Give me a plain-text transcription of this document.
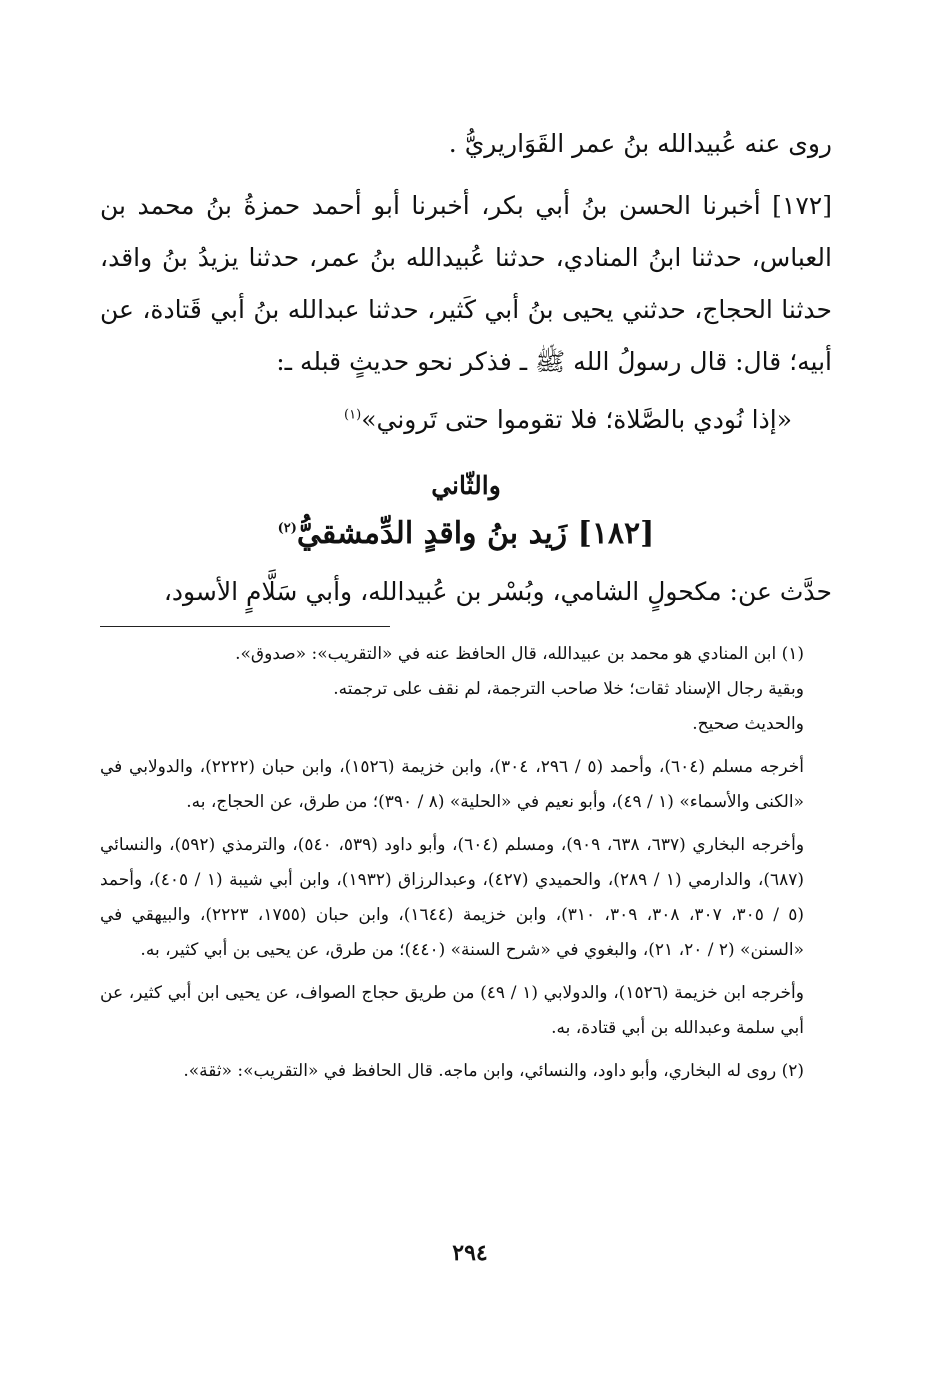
روى عنه عُبيدالله بنُ عمر القَوَاريريُّ .

[١٧٢] أخبرنا الحسن بنُ أبي بكر، أخبرنا أبو أحمد حمزةُ بنُ محمد بن العباس، حدثنا ابنُ المنادي، حدثنا عُبيدالله بنُ عمر، حدثنا يزيدُ بنُ واقد، حدثنا الحجاج، حدثني يحيى بنُ أبي كَثير، حدثنا عبدالله بنُ أبي قَتادة، عن أبيه؛ قال: قال رسولُ الله ﷺ ـ فذكر نحو حديثٍ قبله ـ:

«إذا نُودي بالصَّلاة؛ فلا تقوموا حتى تَروني»$^{(١)}$

والثّاني
[١٨٢] زَيد بنُ واقدٍ الدِّمشقيُّ$^{(٢)}$

حدَّث عن: مكحولٍ الشامي، وبُسْر بن عُبيدالله، وأبي سَلَّامٍ الأسود،

(١) ابن المنادي هو محمد بن عبيدالله، قال الحافظ عنه في «التقريب»: «صدوق».

وبقية رجال الإسناد ثقات؛ خلا صاحب الترجمة، لم نقف على ترجمته.

والحديث صحيح.

أخرجه مسلم (٦٠٤)، وأحمد (٥ / ٢٩٦، ٣٠٤)، وابن خزيمة (١٥٢٦)، وابن حبان (٢٢٢٢)، والدولابي في «الكنى والأسماء» (١ / ٤٩)، وأبو نعيم في «الحلية» (٨ / ٣٩٠)؛ من طرق، عن الحجاج، به.

وأخرجه البخاري (٦٣٧، ٦٣٨، ٩٠٩)، ومسلم (٦٠٤)، وأبو داود (٥٣٩، ٥٤٠)، والترمذي (٥٩٢)، والنسائي (٦٨٧)، والدارمي (١ / ٢٨٩)، والحميدي (٤٢٧)، وعبدالرزاق (١٩٣٢)، وابن أبي شيبة (١ / ٤٠٥)، وأحمد (٥ / ٣٠٥، ٣٠٧، ٣٠٨، ٣٠٩، ٣١٠)، وابن خزيمة (١٦٤٤)، وابن حبان (١٧٥٥، ٢٢٢٣)، والبيهقي في «السنن» (٢ / ٢٠، ٢١)، والبغوي في «شرح السنة» (٤٤٠)؛ من طرق، عن يحيى بن أبي كثير، به.

وأخرجه ابن خزيمة (١٥٢٦)، والدولابي (١ / ٤٩) من طريق حجاج الصواف، عن يحيى ابن أبي كثير، عن أبي سلمة وعبدالله بن أبي قتادة، به.

(٢) روى له البخاري، وأبو داود، والنسائي، وابن ماجه. قال الحافظ في «التقريب»: «ثقة».

٢٩٤
